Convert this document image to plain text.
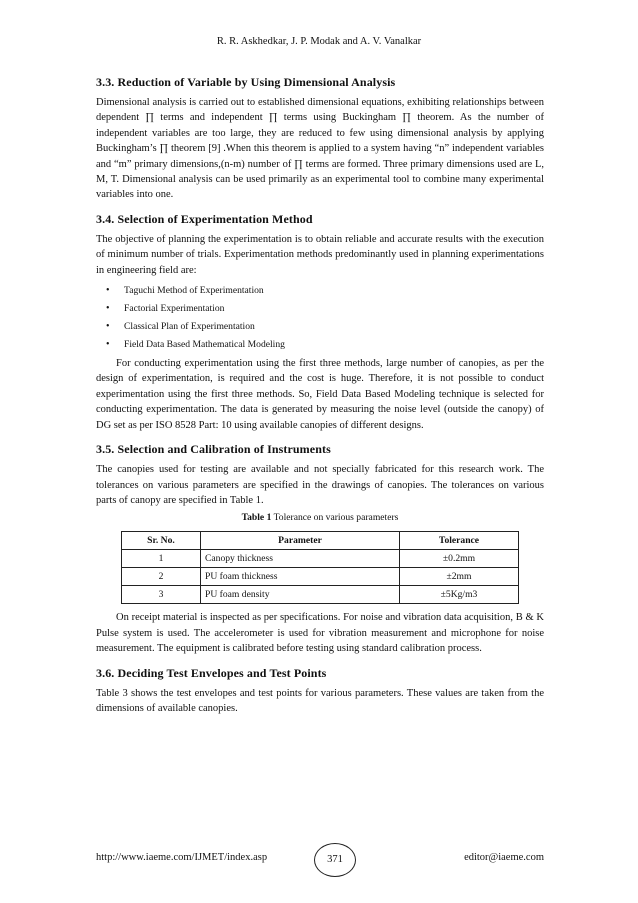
R. R. Askhedkar, J. P. Modak and A. V. Vanalkar
3.3. Reduction of Variable by Using Dimensional Analysis

Dimensional analysis is carried out to established dimensional equations, exhibiting relationships between dependent ∏ terms and independent ∏ terms using Buckingham ∏ theorem. As the number of independent variables are too large, they are reduced to few using dimensional analysis by applying Buckingham’s ∏ theorem [9] .When this theorem is applied to a system having “n” independent variables and “m” primary dimensions,(n-m) number of ∏ terms are formed. Three primary dimensions used are L, M, T. Dimensional analysis can be used primarily as an experimental tool to combine many experimental variables into one.

3.4. Selection of Experimentation Method

The objective of planning the experimentation is to obtain reliable and accurate results with the execution of minimum number of trials. Experimentation methods predominantly used in planning experimentations in engineering field are:

• Taguchi Method of Experimentation
• Factorial Experimentation
• Classical Plan of Experimentation
• Field Data Based Mathematical Modeling

For conducting experimentation using the first three methods, large number of canopies, as per the design of experimentation, is required and the cost is huge. Therefore, it is not possible to conduct experimentation using the first three methods. So, Field Data Based Modeling technique is selected for conducting experimentation. The data is generated by measuring the noise level (outside the canopy) of DG set as per ISO 8528 Part: 10 using available canopies of different designs.

3.5. Selection and Calibration of Instruments

The canopies used for testing are available and not specially fabricated for this research work. The tolerances on various parameters are specified in the drawings of canopies. The tolerances on various parts of canopy are specified in Table 1.

Table 1 Tolerance on various parameters
Sr. No.	Parameter	Tolerance
1	Canopy thickness	±0.2mm
2	PU foam thickness	±2mm
3	PU foam density	±5Kg/m3

On receipt material is inspected as per specifications. For noise and vibration data acquisition, B & K Pulse system is used. The accelerometer is used for vibration measurement and microphone for noise measurement. The equipment is calibrated before testing using standard calibration process.

3.6. Deciding Test Envelopes and Test Points

Table 3 shows the test envelopes and test points for various parameters. These values are taken from the dimensions of available canopies.

http://www.iaeme.com/IJMET/index.asp	371	editor@iaeme.com
